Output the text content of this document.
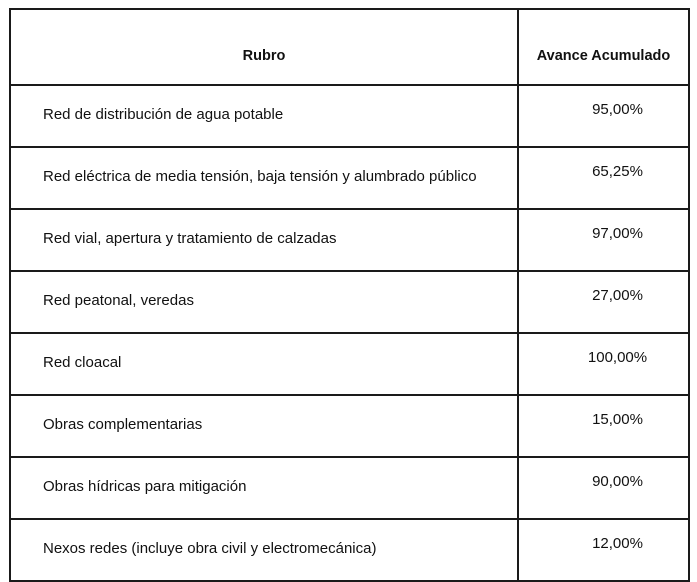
Rubro	Avance Acumulado
Red de distribución de agua potable	95,00%
Red eléctrica de media tensión, baja tensión y alumbrado público	65,25%
Red vial, apertura y tratamiento de calzadas	97,00%
Red peatonal, veredas	27,00%
Red cloacal	100,00%
Obras complementarias	15,00%
Obras hídricas para mitigación	90,00%
Nexos redes (incluye obra civil y electromecánica)	12,00%
